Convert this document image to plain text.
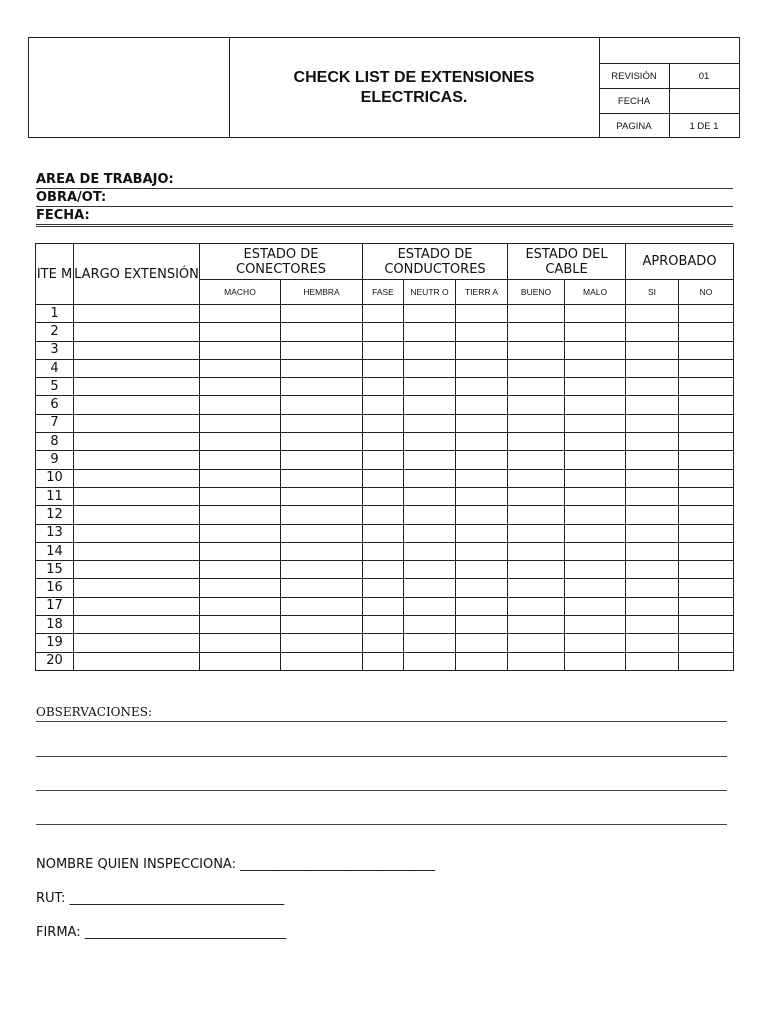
CHECK LIST DE EXTENSIONES ELECTRICAS.
REVISIÓN	01
FECHA
PAGINA	1 DE 1
AREA DE TRABAJO:
OBRA/OT:
FECHA:
ITE M	LARGO EXTENSIÓN	ESTADO DE CONECTORES		ESTADO DE CONDUCTORES			ESTADO DEL CABLE		APROBADO	
		MACHO	HEMBRA	FASE	NEUTR O	TIERR A	BUENO	MALO	SI	NO
1										
2										
3										
4										
5										
6										
7										
8										
9										
10										
11										
12										
13										
14										
15										
16										
17										
18										
19										
20										
OBSERVACIONES:
NOMBRE QUIEN INSPECCIONA: ______________________________
RUT: _________________________________
FIRMA: _______________________________
